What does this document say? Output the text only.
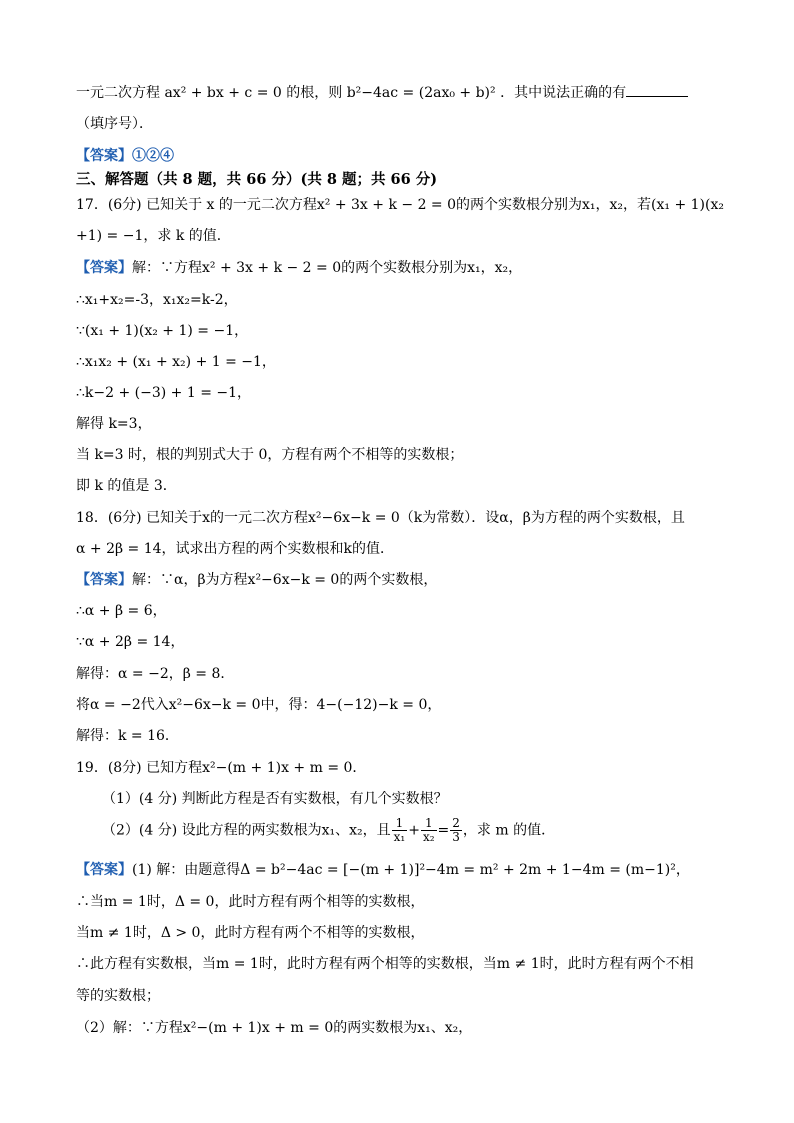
一元二次方程 ax² + bx + c = 0 的根，则 b²−4ac = (2ax₀ + b)² ．其中说法正确的有
（填序号）．
【答案】①②④
三、解答题（共 8 题，共 66 分）(共 8 题；共 66 分)
17．(6分) 已知关于 x 的一元二次方程x² + 3x + k − 2 = 0的两个实数根分别为x₁，x₂，若(x₁ + 1)(x₂
+1) = −1，求 k 的值．
【答案】解：∵方程x² + 3x + k − 2 = 0的两个实数根分别为x₁，x₂，
∴x₁+x₂=-3，x₁x₂=k-2，
∵(x₁ + 1)(x₂ + 1) = −1，
∴x₁x₂ + (x₁ + x₂) + 1 = −1，
∴k−2 + (−3) + 1 = −1，
解得 k=3，
当 k=3 时，根的判别式大于 0，方程有两个不相等的实数根；
即 k 的值是 3．
18．(6分) 已知关于x的一元二次方程x²−6x−k = 0（k为常数）．设α，β为方程的两个实数根，且
α + 2β = 14，试求出方程的两个实数根和k的值．
【答案】解：∵α，β为方程x²−6x−k = 0的两个实数根，
∴α + β = 6，
∵α + 2β = 14，
解得：α = −2，β = 8．
将α = −2代入x²−6x−k = 0中，得：4−(−12)−k = 0，
解得：k = 16．
19．(8分) 已知方程x²−(m + 1)x + m = 0．
（1）(4 分) 判断此方程是否有实数根，有几个实数根？
（2）(4 分) 设此方程的两实数根为x₁、x₂，且 $\frac{1}{\text{x₁}} + \frac{1}{\text{x₂}} = \frac{2}{3}$ ，求 m 的值．
【答案】(1) 解：由题意得Δ = b²−4ac = [−(m + 1)]²−4m = m² + 2m + 1−4m = (m−1)²，
∴当m = 1时，Δ = 0，此时方程有两个相等的实数根，
当m ≠ 1时，Δ > 0，此时方程有两个不相等的实数根，
∴此方程有实数根，当m = 1时，此时方程有两个相等的实数根，当m ≠ 1时，此时方程有两个不相
等的实数根；
（2）解：∵方程x²−(m + 1)x + m = 0的两实数根为x₁、x₂，
